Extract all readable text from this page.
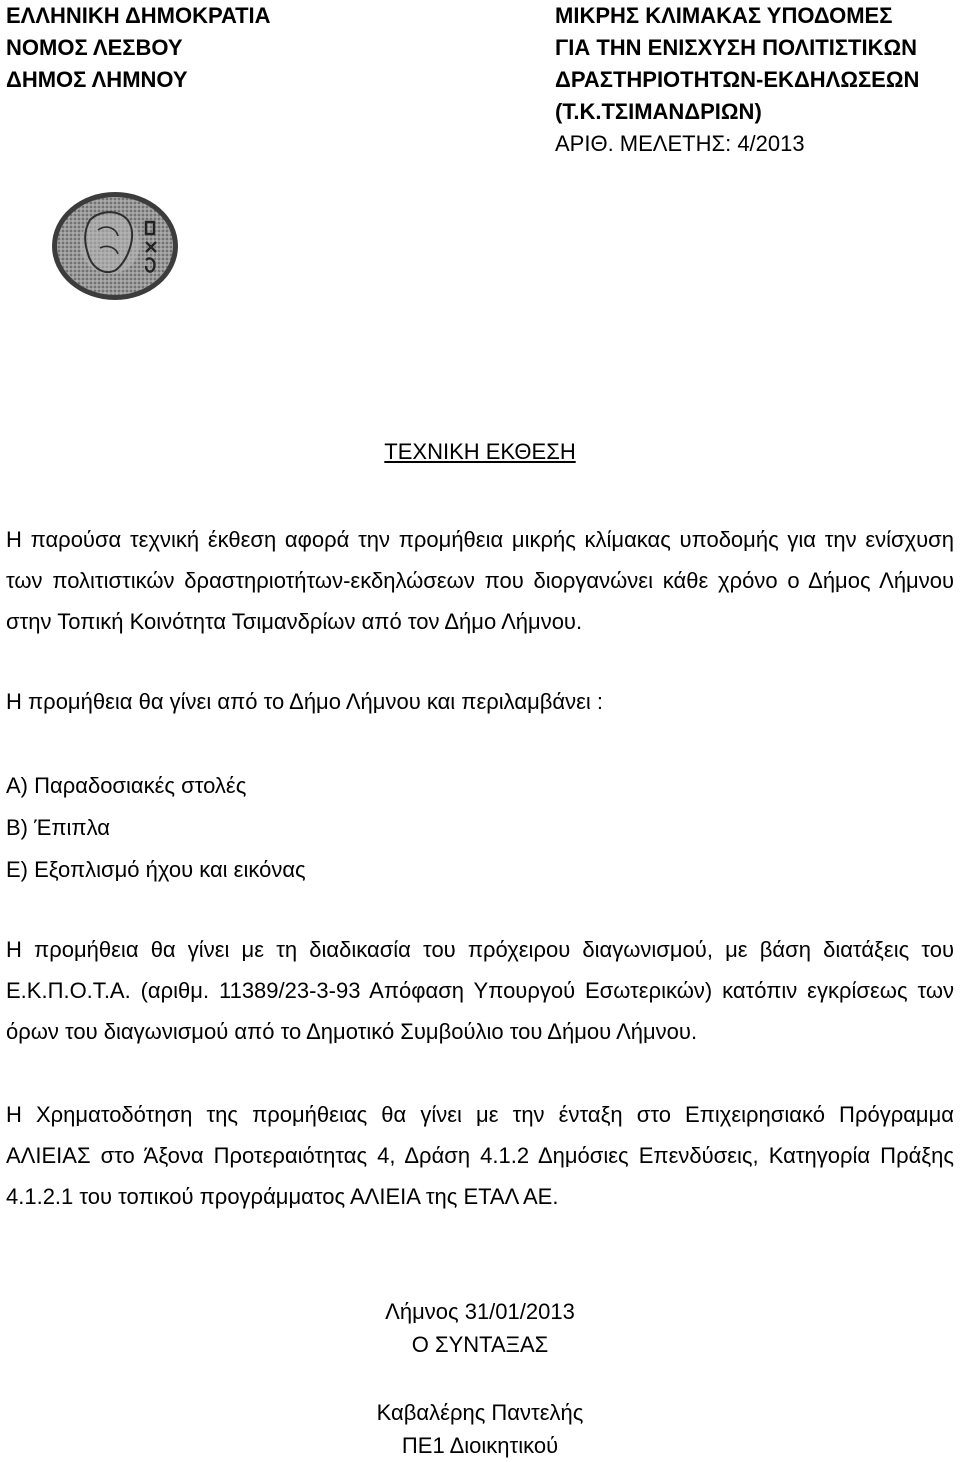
ΕΛΛΗΝΙΚΗ ΔΗΜΟΚΡΑΤΙΑ
ΝΟΜΟΣ ΛΕΣΒΟΥ
ΔΗΜΟΣ ΛΗΜΝΟΥ
ΜΙΚΡΗΣ ΚΛΙΜΑΚΑΣ ΥΠΟΔΟΜΕΣ
ΓΙΑ ΤΗΝ ΕΝΙΣΧΥΣΗ ΠΟΛΙΤΙΣΤΙΚΩΝ
ΔΡΑΣΤΗΡΙΟΤΗΤΩΝ-ΕΚΔΗΛΩΣΕΩΝ
(Τ.Κ.ΤΣΙΜΑΝΔΡΙΩΝ)
ΑΡΙΘ. ΜΕΛΕΤΗΣ: 4/2013
ΤΕΧΝΙΚΗ ΕΚΘΕΣΗ
Η παρούσα τεχνική έκθεση αφορά την προμήθεια μικρής κλίμακας υποδομής για την ενίσχυση των πολιτιστικών δραστηριοτήτων-εκδηλώσεων που διοργανώνει κάθε χρόνο ο Δήμος Λήμνου στην Τοπική Κοινότητα Τσιμανδρίων από τον Δήμο Λήμνου.
Η προμήθεια θα γίνει από το Δήμο Λήμνου και περιλαμβάνει :
Α) Παραδοσιακές στολές
Β) Έπιπλα
Ε) Εξοπλισμό ήχου και εικόνας
Η προμήθεια θα γίνει με τη διαδικασία του πρόχειρου διαγωνισμού, με βάση διατάξεις του Ε.Κ.Π.Ο.Τ.Α. (αριθμ. 11389/23-3-93 Απόφαση Υπουργού Εσωτερικών) κατόπιν εγκρίσεως των όρων του διαγωνισμού από το Δημοτικό Συμβούλιο του Δήμου Λήμνου.
Η Χρηματοδότηση της προμήθειας θα γίνει με την ένταξη στο Επιχειρησιακό Πρόγραμμα ΑΛΙΕΙΑΣ στο Άξονα Προτεραιότητας 4, Δράση 4.1.2 Δημόσιες Επενδύσεις, Κατηγορία Πράξης 4.1.2.1 του τοπικού προγράμματος ΑΛΙΕΙΑ της ΕΤΑΛ ΑΕ.
Λήμνος 31/01/2013
Ο ΣΥΝΤΑΞΑΣ
Καβαλέρης Παντελής
ΠΕ1 Διοικητικού
